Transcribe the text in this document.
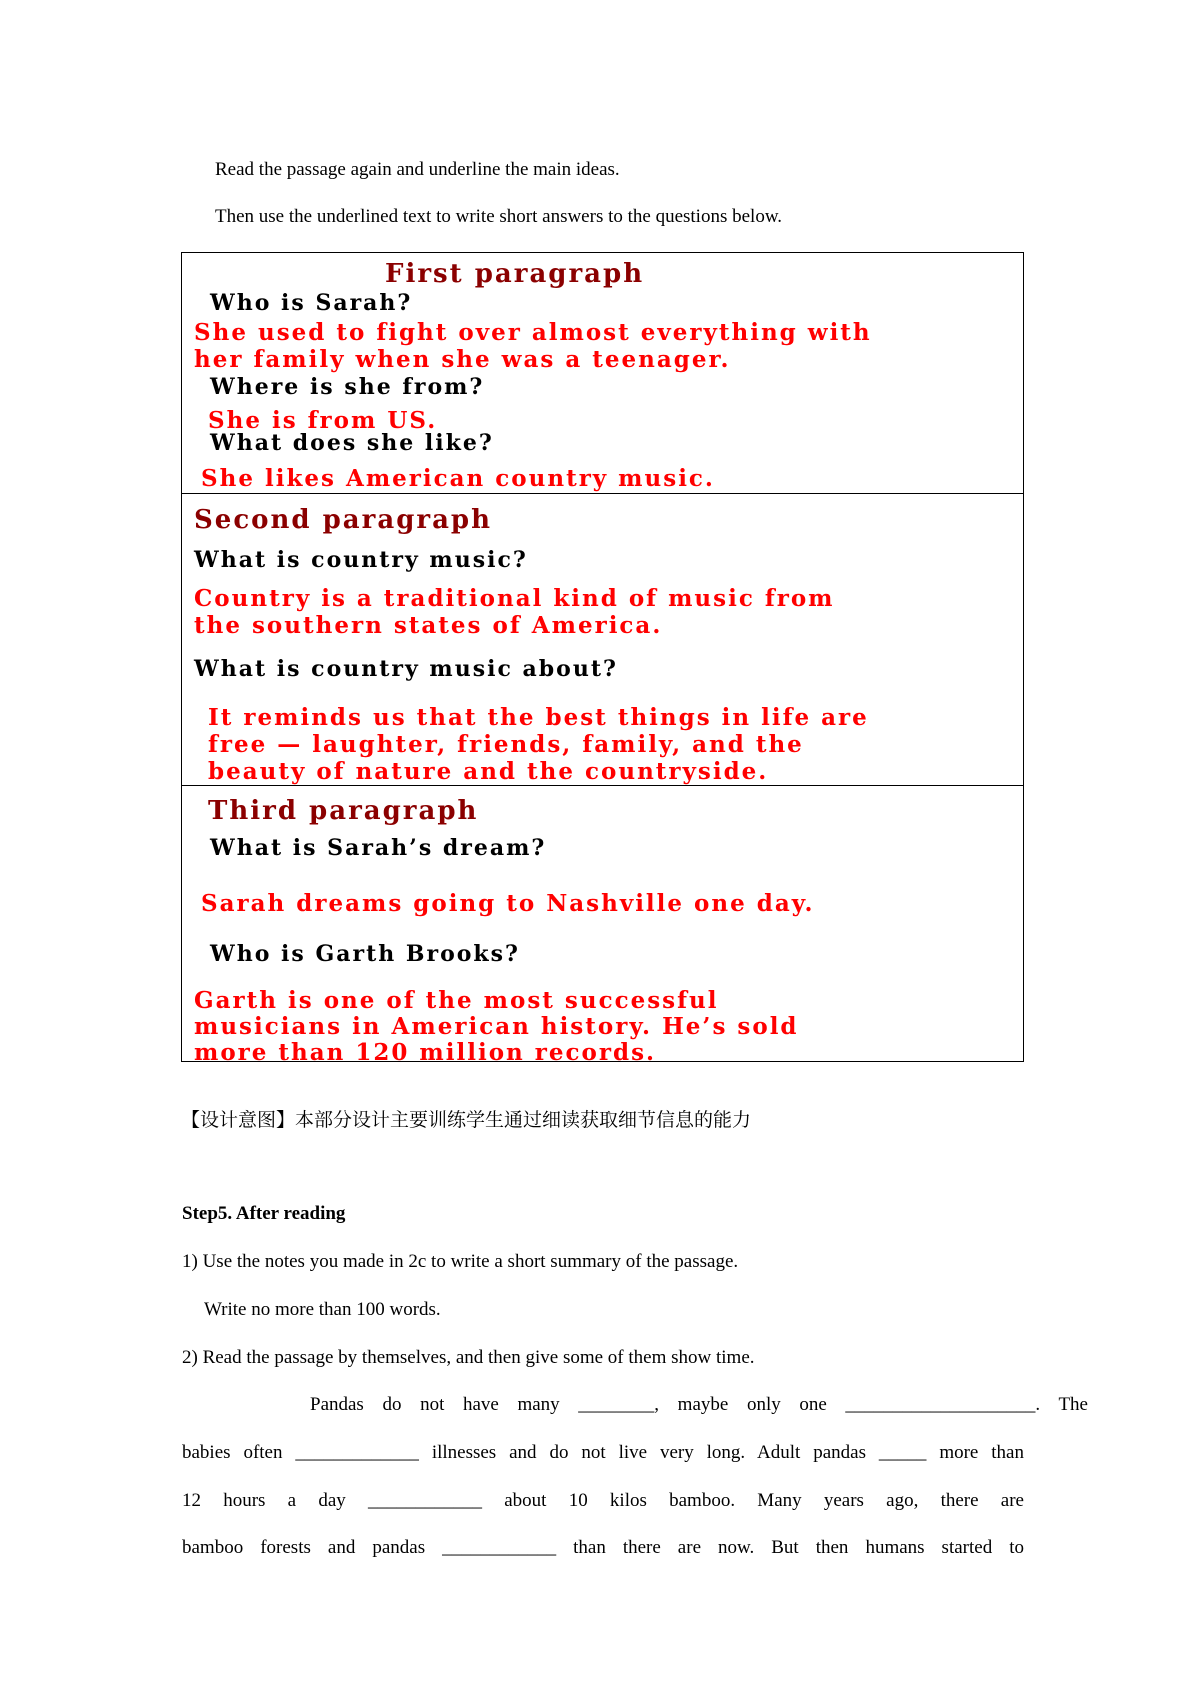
Read the passage again and underline the main ideas.
Then use the underlined text to write short answers to the questions below.
First paragraph
Who is Sarah?
She used to fight over almost everything with
her family when she was a teenager.
Where is she from?
She is from US.
What does she like?
She likes American country music.
Second paragraph
What is country music?
Country is a traditional kind of music from
the southern states of America.
What is country music about?
It reminds us that the best things in life are
free — laughter, friends, family, and the
beauty of nature and the countryside.
Third paragraph
What is Sarah’s dream?
Sarah dreams going to Nashville one day.
Who is Garth Brooks?
Garth is one of the most successful
musicians in American history. He’s sold
more than 120 million records.
【设计意图】本部分设计主要训练学生通过细读获取细节信息的能力
Step5. After reading
1) Use the notes you made in 2c to write a short summary of the passage.
Write no more than 100 words.
2) Read the passage by themselves, and then give some of them show time.
Pandas do not have many ________, maybe only one ____________________. The
babies often _____________ illnesses and do not live very long. Adult pandas _____ more than
12 hours a day ____________ about 10 kilos bamboo. Many years ago, there are
bamboo forests and pandas ____________ than there are now. But then humans started to
